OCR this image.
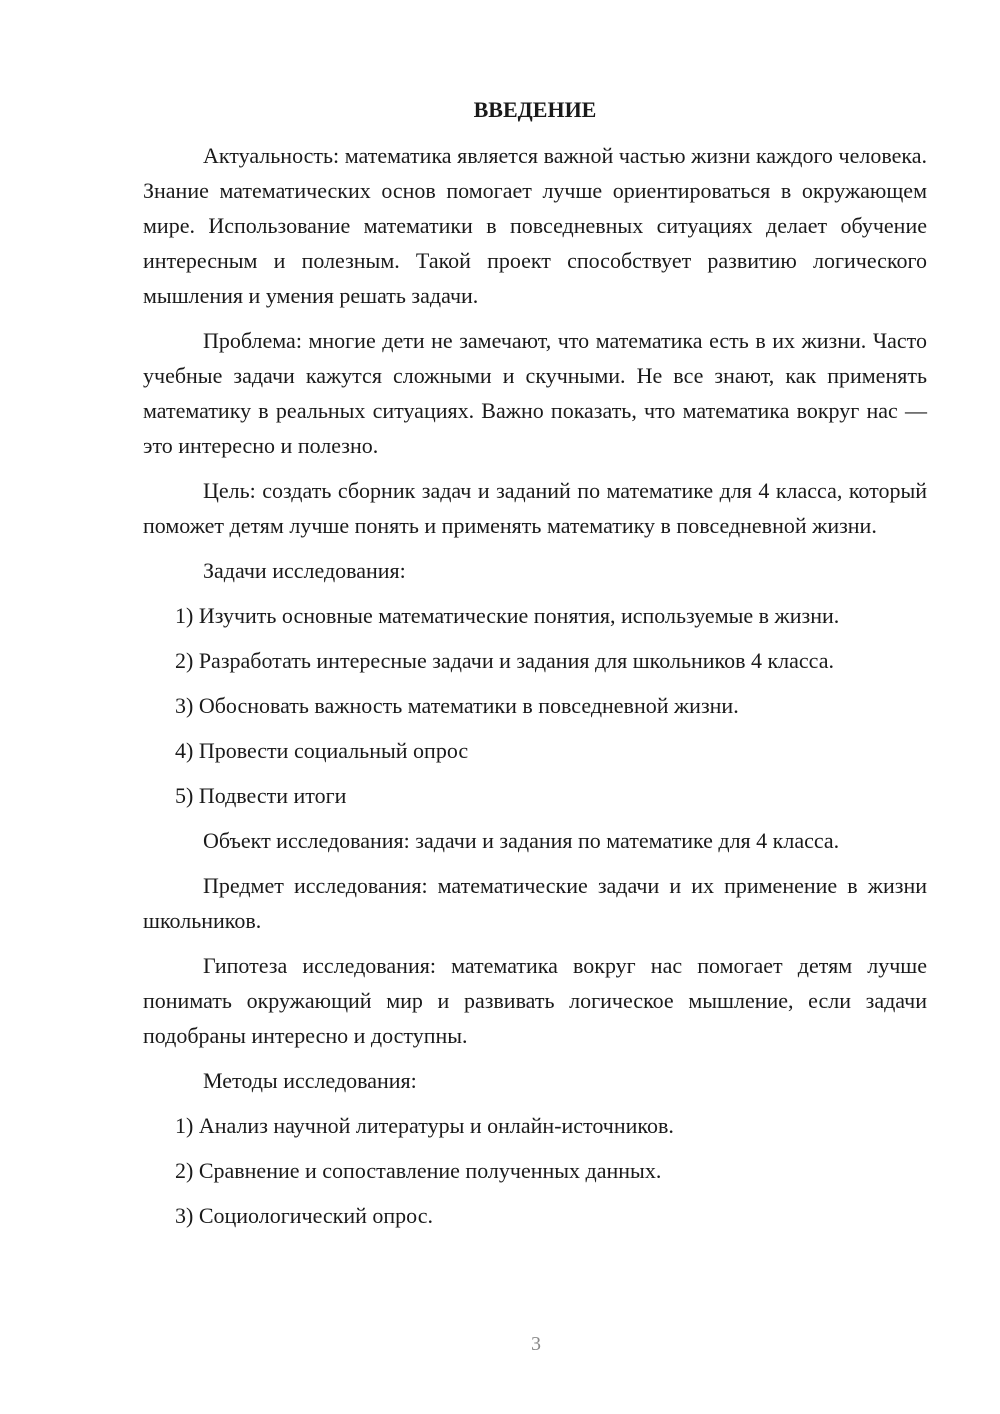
ВВЕДЕНИЕ

Актуальность: математика является важной частью жизни каждого человека. Знание математических основ помогает лучше ориентироваться в окружающем мире. Использование математики в повседневных ситуациях делает обучение интересным и полезным. Такой проект способствует развитию логического мышления и умения решать задачи.

Проблема: многие дети не замечают, что математика есть в их жизни. Часто учебные задачи кажутся сложными и скучными. Не все знают, как применять математику в реальных ситуациях. Важно показать, что математика вокруг нас — это интересно и полезно.

Цель: создать сборник задач и заданий по математике для 4 класса, который поможет детям лучше понять и применять математику в повседневной жизни.

Задачи исследования:

1) Изучить основные математические понятия, используемые в жизни.
2) Разработать интересные задачи и задания для школьников 4 класса.
3) Обосновать важность математики в повседневной жизни.
4) Провести социальный опрос
5) Подвести итоги

Объект исследования: задачи и задания по математике для 4 класса.

Предмет исследования: математические задачи и их применение в жизни школьников.

Гипотеза исследования: математика вокруг нас помогает детям лучше понимать окружающий мир и развивать логическое мышление, если задачи подобраны интересно и доступны.

Методы исследования:

1) Анализ научной литературы и онлайн-источников.
2) Сравнение и сопоставление полученных данных.
3) Социологический опрос.
3
